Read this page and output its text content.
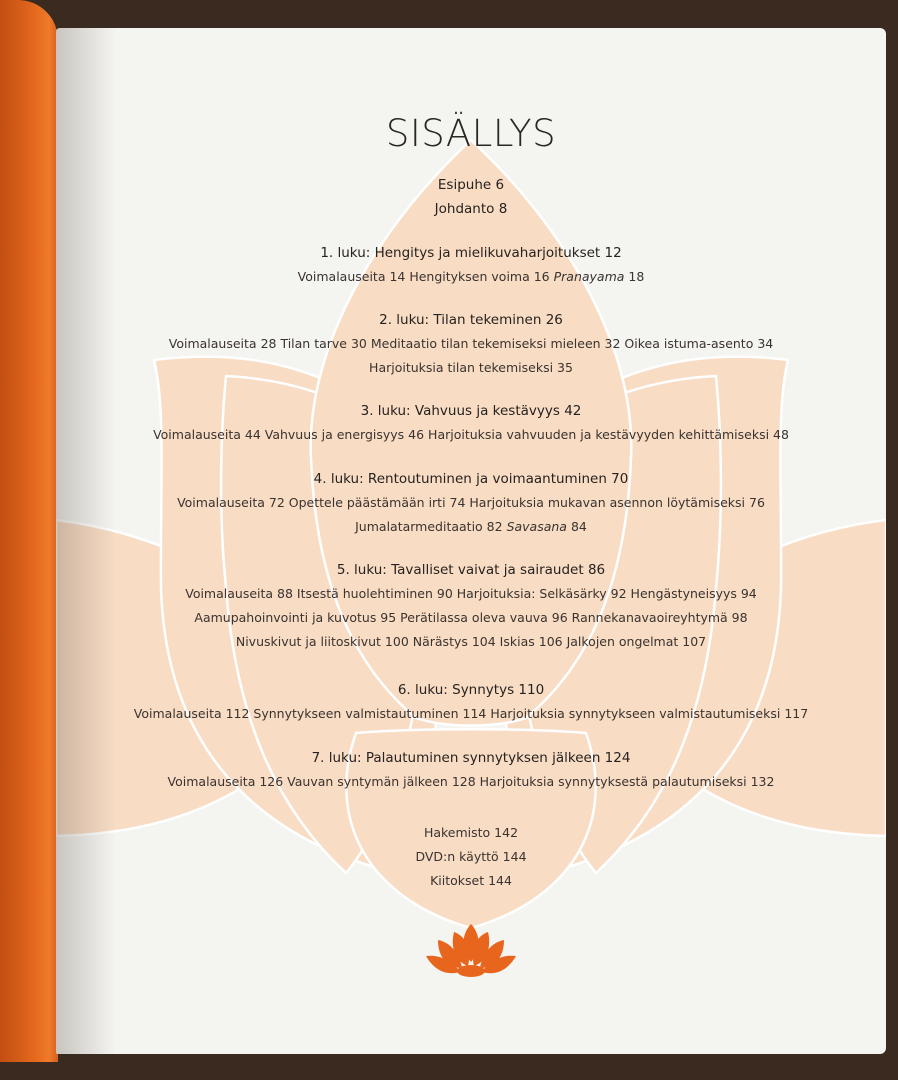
SISÄLLYS
Esipuhe 6
Johdanto 8
1. luku: Hengitys ja mielikuvaharjoitukset 12
Voimalauseita 14 Hengityksen voima 16 Pranayama 18
2. luku: Tilan tekeminen 26
Voimalauseita 28 Tilan tarve 30 Meditaatio tilan tekemiseksi mieleen 32 Oikea istuma-asento 34
Harjoituksia tilan tekemiseksi 35
3. luku: Vahvuus ja kestävyys 42
Voimalauseita 44 Vahvuus ja energisyys 46 Harjoituksia vahvuuden ja kestävyyden kehittämiseksi 48
4. luku: Rentoutuminen ja voimaantuminen 70
Voimalauseita 72 Opettele päästämään irti 74 Harjoituksia mukavan asennon löytämiseksi 76
Jumalatarmeditaatio 82 Savasana 84
5. luku: Tavalliset vaivat ja sairaudet 86
Voimalauseita 88 Itsestä huolehtiminen 90 Harjoituksia: Selkäsärky 92 Hengästyneisyys 94
Aamupahoinvointi ja kuvotus 95 Perätilassa oleva vauva 96 Rannekanavaoireyhtymä 98
Nivuskivut ja liitoskivut 100 Närästys 104 Iskias 106 Jalkojen ongelmat 107
6. luku: Synnytys 110
Voimalauseita 112 Synnytykseen valmistautuminen 114 Harjoituksia synnytykseen valmistautumiseksi 117
7. luku: Palautuminen synnytyksen jälkeen 124
Voimalauseita 126 Vauvan syntymän jälkeen 128 Harjoituksia synnytyksestä palautumiseksi 132
Hakemisto 142
DVD:n käyttö 144
Kiitokset 144
